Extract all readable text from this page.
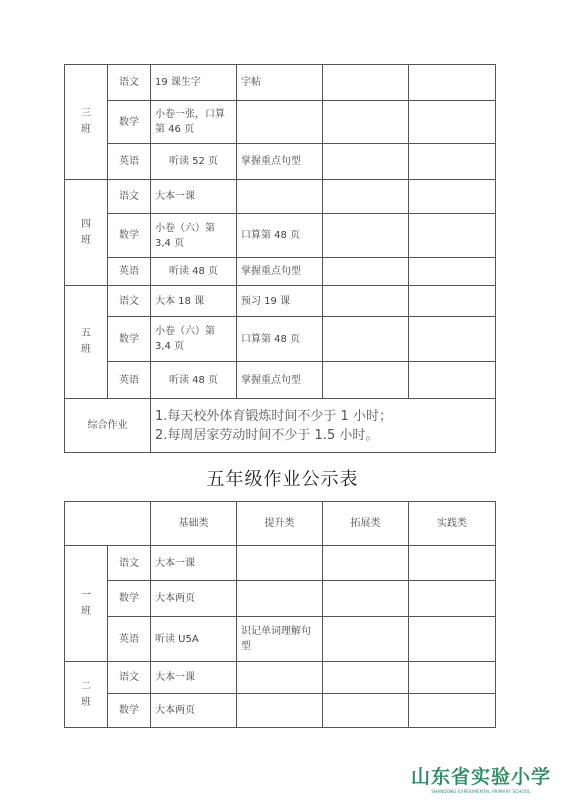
三班	语文	19 课生字	字帖		
	数学	小卷一张，口算第 46 页			
	英语	听读 52 页	掌握重点句型		
四班	语文	大本一课			
	数学	小卷（六）第 3,4 页	口算第 48 页		
	英语	听读 48 页	掌握重点句型		
五班	语文	大本 18 课	预习 19 课		
	数学	小卷（六）第 3,4 页	口算第 48 页		
	英语	听读 48 页	掌握重点句型		
综合作业		1.每天校外体育锻炼时间不少于 1 小时；
2.每周居家劳动时间不少于 1.5 小时。			
五年级作业公示表
		基础类	提升类	拓展类	实践类
一班	语文	大本一课			
	数学	大本两页			
	英语	听读 U5A	识记单词理解句型		
二班	语文	大本一课			
	数学	大本两页			
山东省实验小学
SHANDONG EXPERIMENTAL PRIMARY SCHOOL
